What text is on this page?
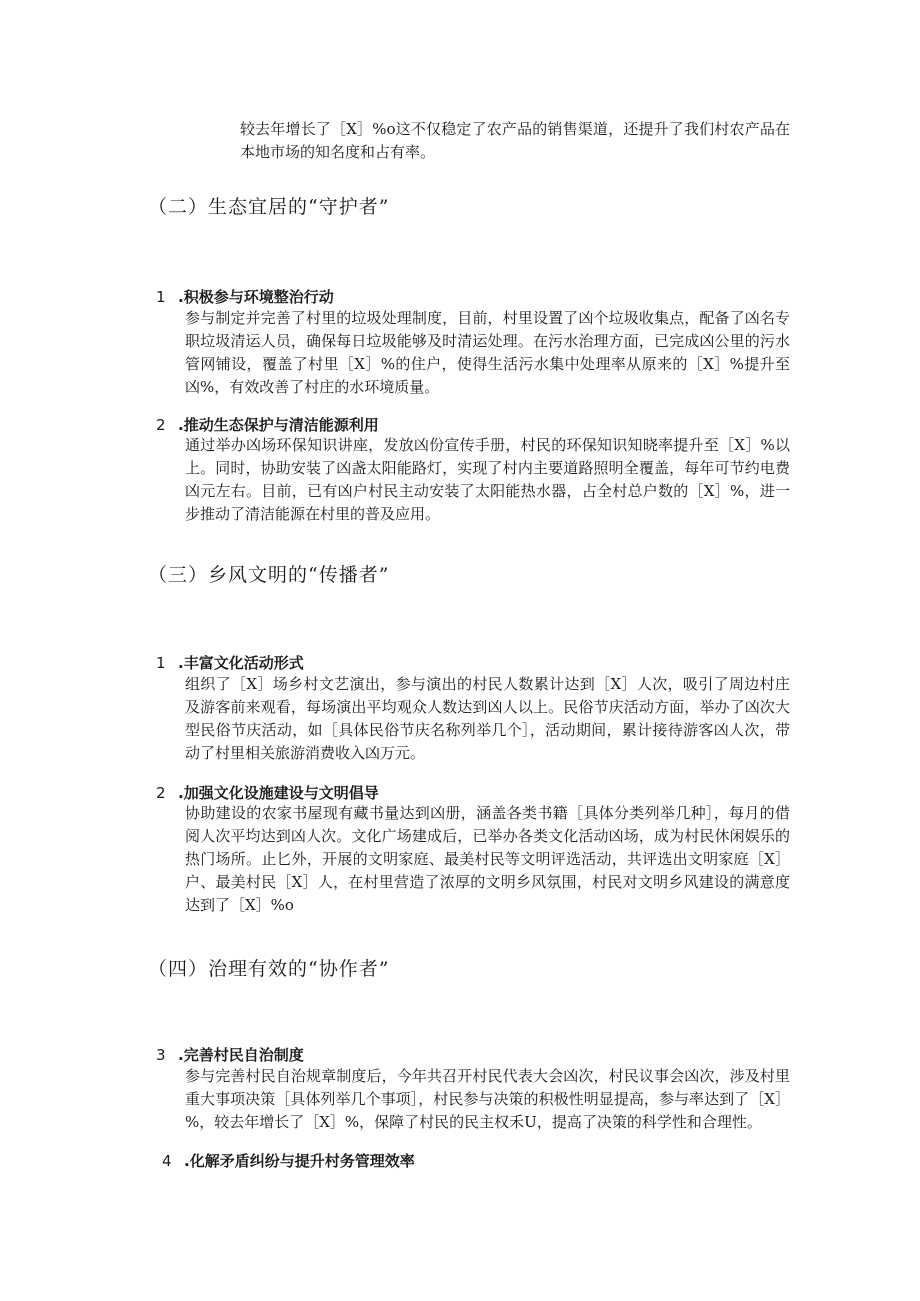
较去年增长了［X］%o这不仅稳定了农产品的销售渠道，还提升了我们村农产品在本地市场的知名度和占有率。

（二）生态宜居的“守护者”
1 .积极参与环境整治行动

参与制定并完善了村里的垃圾处理制度，目前，村里设置了凶个垃圾收集点，配备了凶名专职垃圾清运人员，确保每日垃圾能够及时清运处理。在污水治理方面，已完成凶公里的污水管网铺设，覆盖了村里［X］%的住户，使得生活污水集中处理率从原来的［X］%提升至凶%，有效改善了村庄的水环境质量。

2 .推动生态保护与清洁能源利用

通过举办凶场环保知识讲座，发放凶份宣传手册，村民的环保知识知晓率提升至［X］%以上。同时，协助安装了凶盏太阳能路灯，实现了村内主要道路照明全覆盖，每年可节约电费凶元左右。目前，已有凶户村民主动安装了太阳能热水器，占全村总户数的［X］%，进一步推动了清洁能源在村里的普及应用。

（三）乡风文明的“传播者”
1 .丰富文化活动形式

组织了［X］场乡村文艺演出，参与演出的村民人数累计达到［X］人次，吸引了周边村庄及游客前来观看，每场演出平均观众人数达到凶人以上。民俗节庆活动方面，举办了凶次大型民俗节庆活动，如［具体民俗节庆名称列举几个］，活动期间，累计接待游客凶人次，带动了村里相关旅游消费收入凶万元。

2 .加强文化设施建设与文明倡导

协助建设的农家书屋现有藏书量达到凶册，涵盖各类书籍［具体分类列举几种］，每月的借阅人次平均达到凶人次。文化广场建成后，已举办各类文化活动凶场，成为村民休闲娱乐的热门场所。止匕外，开展的文明家庭、最美村民等文明评选活动，共评选出文明家庭［X］户、最美村民［X］人，在村里营造了浓厚的文明乡风氛围，村民对文明乡风建设的满意度达到了［X］%o

（四）治理有效的“协作者”
3 .完善村民自治制度

参与完善村民自治规章制度后，今年共召开村民代表大会凶次，村民议事会凶次，涉及村里重大事项决策［具体列举几个事项］，村民参与决策的积极性明显提高，参与率达到了［X］%，较去年增长了［X］%，保障了村民的民主权禾U，提高了决策的科学性和合理性。

4 .化解矛盾纠纷与提升村务管理效率
